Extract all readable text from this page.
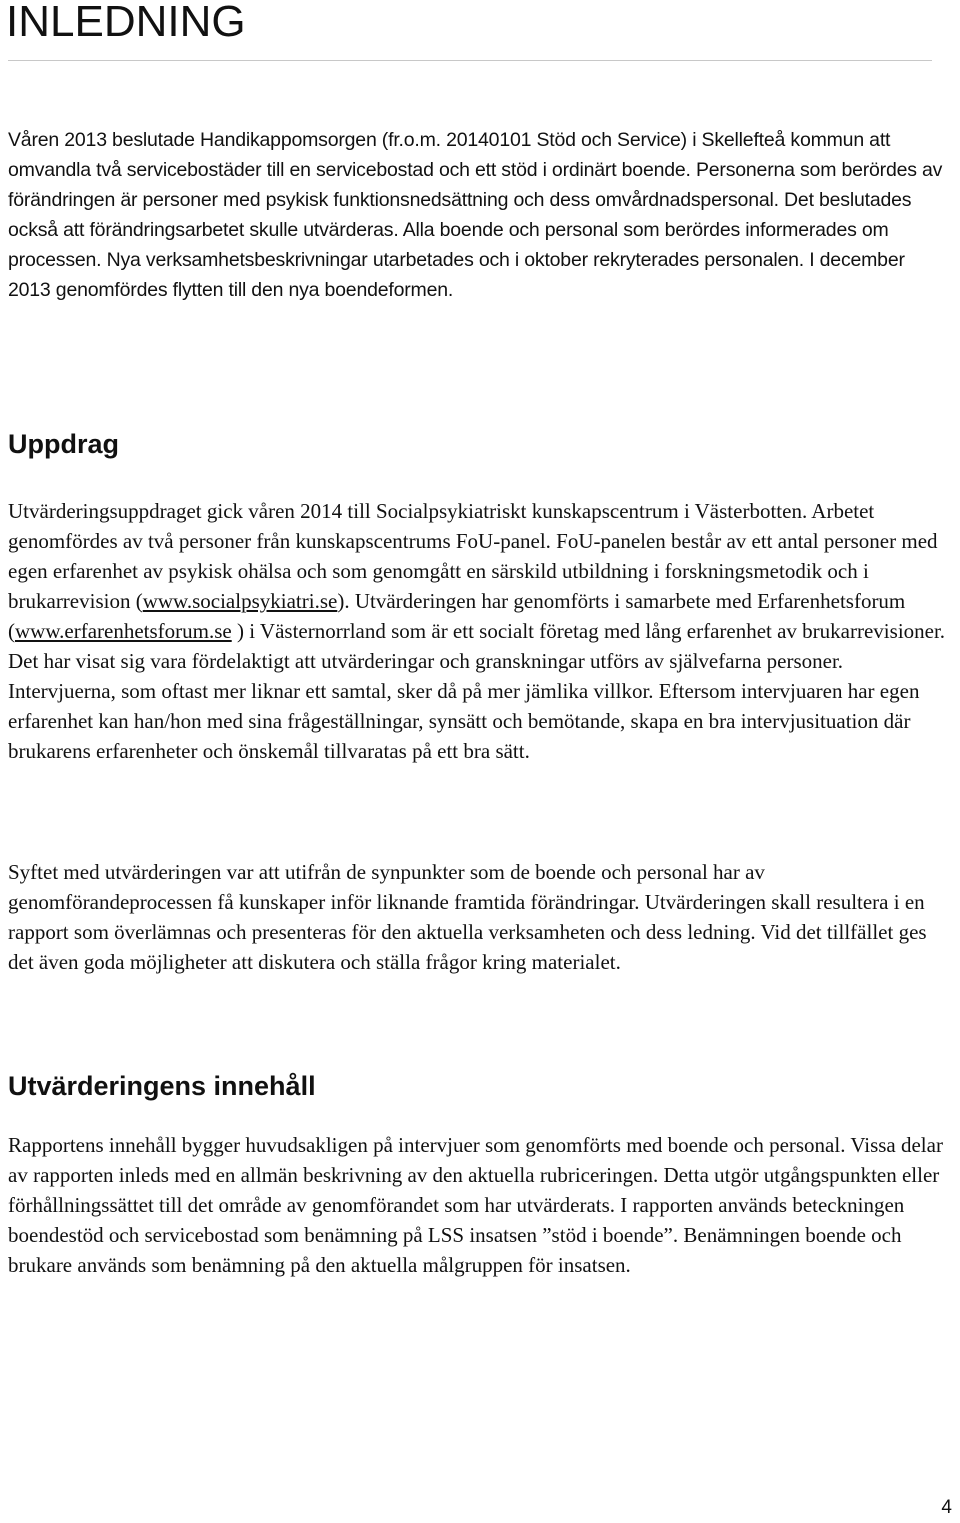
INLEDNING

Våren 2013 beslutade Handikappomsorgen (fr.o.m. 20140101 Stöd och Service) i Skellefteå kommun att omvandla två servicebostäder till en servicebostad och ett stöd i ordinärt boende. Personerna som berördes av förändringen är personer med psykisk funktionsnedsättning och dess omvårdnadspersonal. Det beslutades också att förändringsarbetet skulle utvärderas. Alla boende och personal som berördes informerades om processen. Nya verksamhetsbeskrivningar utarbetades och i oktober rekryterades personalen. I december 2013 genomfördes flytten till den nya boendeformen.

Uppdrag

Utvärderingsuppdraget gick våren 2014 till Socialpsykiatriskt kunskapscentrum i Västerbotten. Arbetet genomfördes av två personer från kunskapscentrums FoU-panel. FoU-panelen består av ett antal personer med egen erfarenhet av psykisk ohälsa och som genomgått en särskild utbildning i forskningsmetodik och i brukarrevision (www.socialpsykiatri.se). Utvärderingen har genomförts i samarbete med Erfarenhetsforum (www.erfarenhetsforum.se ) i Västernorrland som är ett socialt företag med lång erfarenhet av brukarrevisioner. Det har visat sig vara fördelaktigt att utvärderingar och granskningar utförs av självefarna personer. Intervjuerna, som oftast mer liknar ett samtal, sker då på mer jämlika villkor. Eftersom intervjuaren har egen erfarenhet kan han/hon med sina frågeställningar, synsätt och bemötande, skapa en bra intervjusituation där brukarens erfarenheter och önskemål tillvaratas på ett bra sätt.

Syftet med utvärderingen var att utifrån de synpunkter som de boende och personal har av genomförandeprocessen få kunskaper inför liknande framtida förändringar. Utvärderingen skall resultera i en rapport som överlämnas och presenteras för den aktuella verksamheten och dess ledning. Vid det tillfället ges det även goda möjligheter att diskutera och ställa frågor kring materialet.

Utvärderingens innehåll

Rapportens innehåll bygger huvudsakligen på intervjuer som genomförts med boende och personal. Vissa delar av rapporten inleds med en allmän beskrivning av den aktuella rubriceringen. Detta utgör utgångspunkten eller förhållningssättet till det område av genomförandet som har utvärderats. I rapporten används beteckningen boendestöd och servicebostad som benämning på LSS insatsen ”stöd i boende”. Benämningen boende och brukare används som benämning på den aktuella målgruppen för insatsen.

4
